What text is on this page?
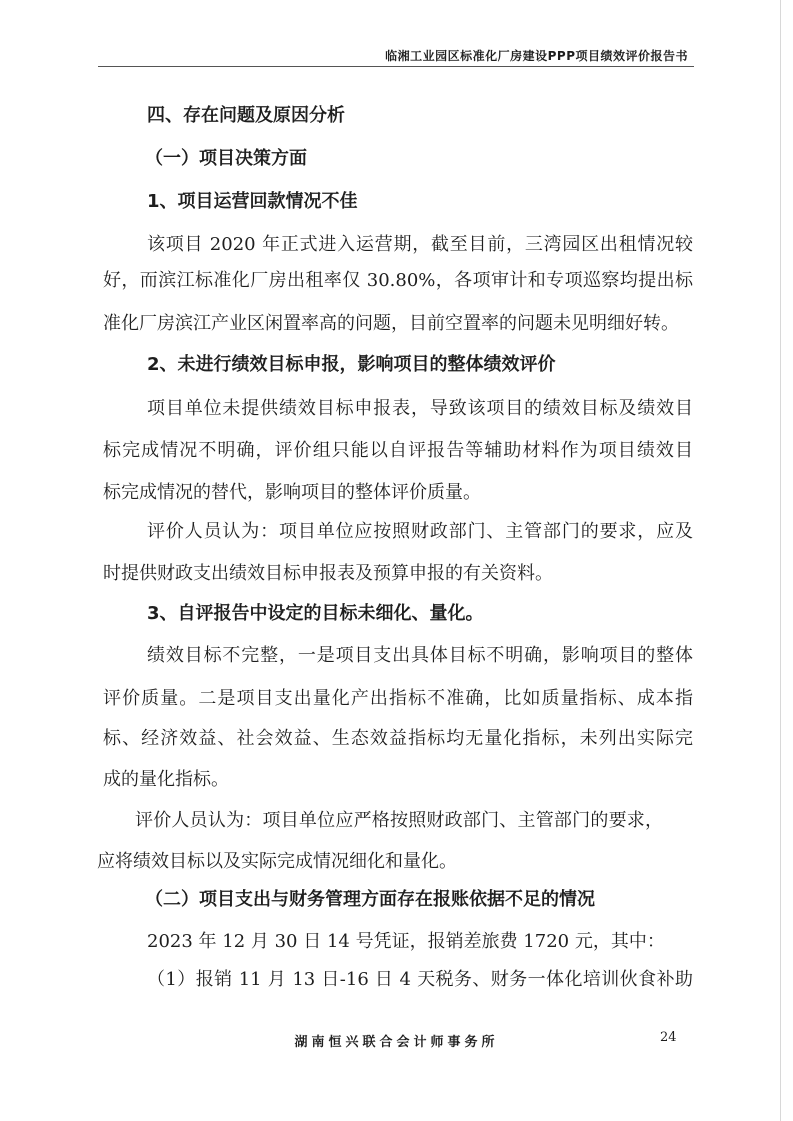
临湘工业园区标准化厂房建设PPP项目绩效评价报告书
四、存在问题及原因分析
（一）项目决策方面
1、项目运营回款情况不佳
该项目 2020 年正式进入运营期，截至目前，三湾园区出租情况较
好，而滨江标准化厂房出租率仅 30.80%，各项审计和专项巡察均提出标
准化厂房滨江产业区闲置率高的问题，目前空置率的问题未见明细好转。
2、未进行绩效目标申报，影响项目的整体绩效评价
项目单位未提供绩效目标申报表，导致该项目的绩效目标及绩效目
标完成情况不明确，评价组只能以自评报告等辅助材料作为项目绩效目
标完成情况的替代，影响项目的整体评价质量。
评价人员认为：项目单位应按照财政部门、主管部门的要求，应及
时提供财政支出绩效目标申报表及预算申报的有关资料。
3、自评报告中设定的目标未细化、量化。
绩效目标不完整，一是项目支出具体目标不明确，影响项目的整体
评价质量。二是项目支出量化产出指标不准确，比如质量指标、成本指
标、经济效益、社会效益、生态效益指标均无量化指标，未列出实际完
成的量化指标。
评价人员认为：项目单位应严格按照财政部门、主管部门的要求，
应将绩效目标以及实际完成情况细化和量化。
（二）项目支出与财务管理方面存在报账依据不足的情况
2023 年 12 月 30 日 14 号凭证，报销差旅费 1720 元，其中：
（1）报销 11 月 13 日-16 日 4 天税务、财务一体化培训伙食补助
湖南恒兴联合会计师事务所	24
